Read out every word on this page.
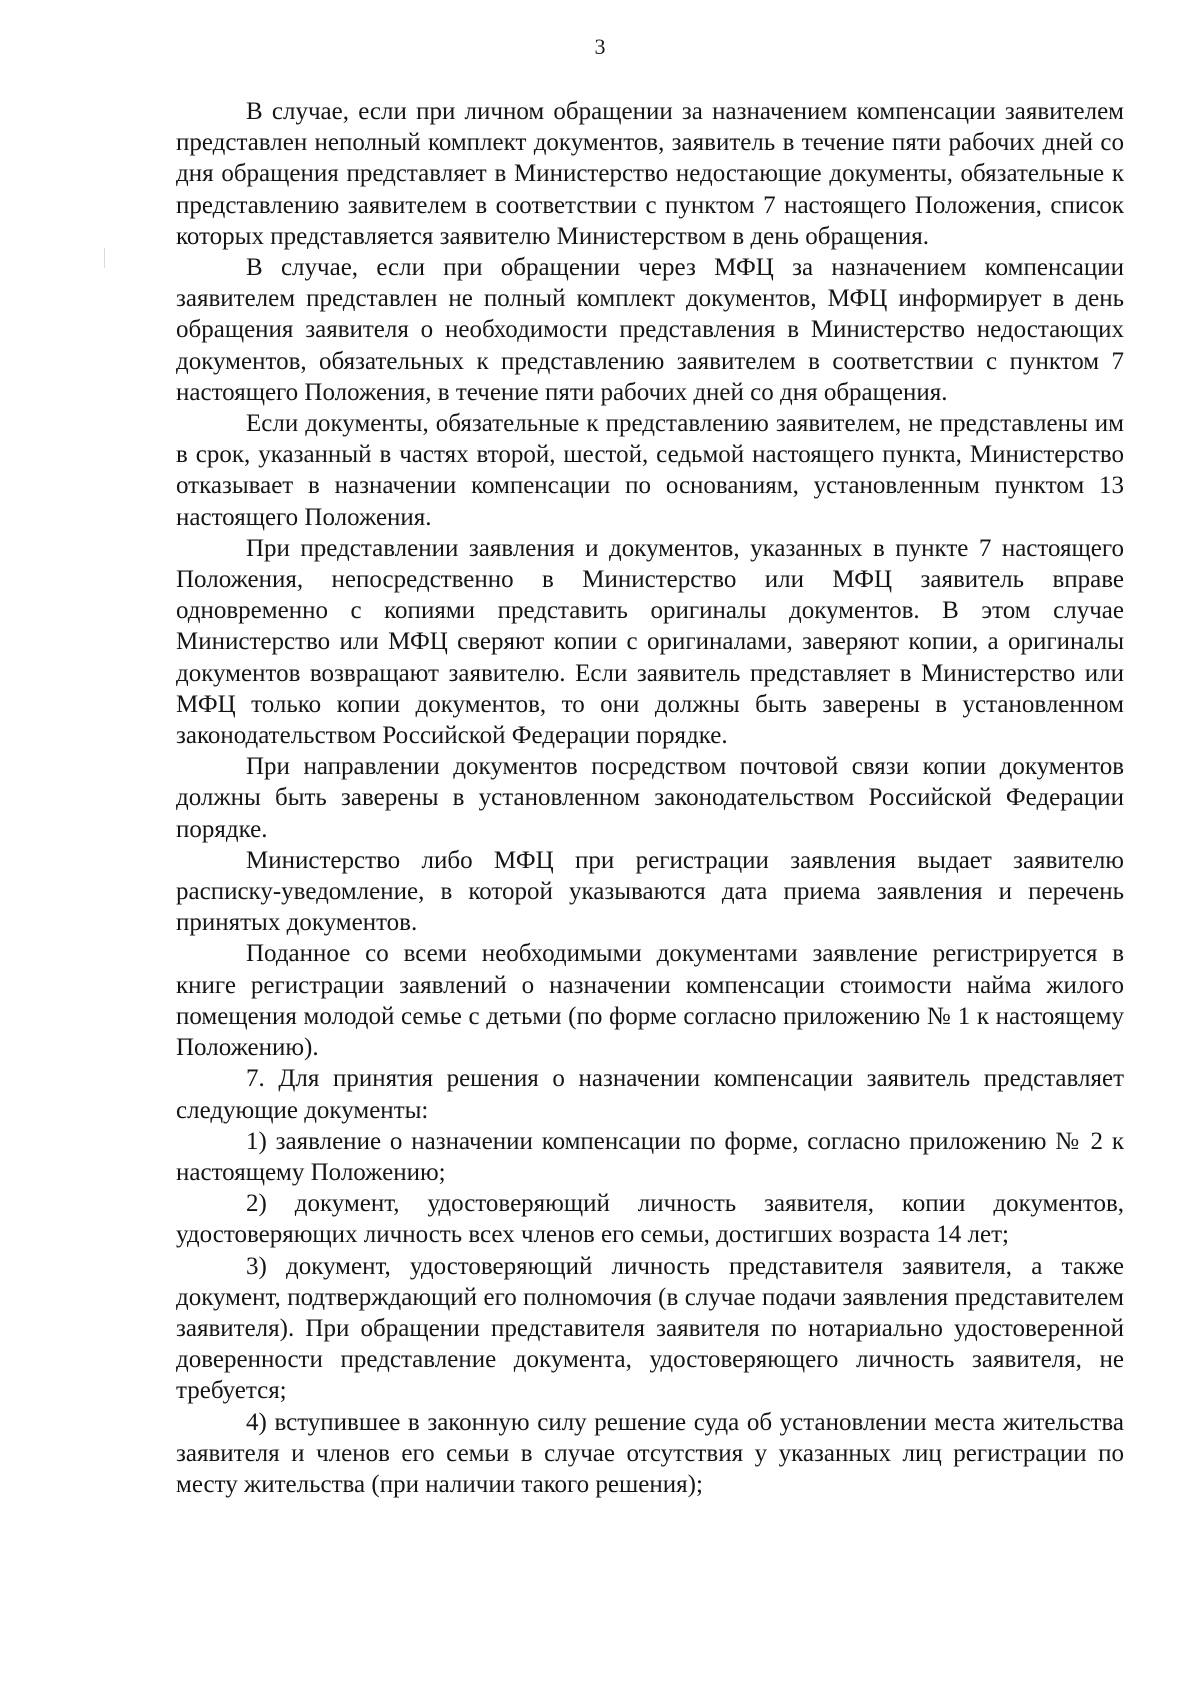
3

В случае, если при личном обращении за назначением компенсации заявителем представлен неполный комплект документов, заявитель в течение пяти рабочих дней со дня обращения представляет в Министерство недостающие документы, обязательные к представлению заявителем в соответствии с пунктом 7 настоящего Положения, список которых представляется заявителю Министерством в день обращения.

В случае, если при обращении через МФЦ за назначением компенсации заявителем представлен не полный комплект документов, МФЦ информирует в день обращения заявителя о необходимости представления в Министерство недостающих документов, обязательных к представлению заявителем в соответствии с пунктом 7 настоящего Положения, в течение пяти рабочих дней со дня обращения.

Если документы, обязательные к представлению заявителем, не представлены им в срок, указанный в частях второй, шестой, седьмой настоящего пункта, Министерство отказывает в назначении компенсации по основаниям, установленным пунктом 13 настоящего Положения.

При представлении заявления и документов, указанных в пункте 7 настоящего Положения, непосредственно в Министерство или МФЦ заявитель вправе одновременно с копиями представить оригиналы документов. В этом случае Министерство или МФЦ сверяют копии с оригиналами, заверяют копии, а оригиналы документов возвращают заявителю. Если заявитель представляет в Министерство или МФЦ только копии документов, то они должны быть заверены в установленном законодательством Российской Федерации порядке.

При направлении документов посредством почтовой связи копии документов должны быть заверены в установленном законодательством Российской Федерации порядке.

Министерство либо МФЦ при регистрации заявления выдает заявителю расписку-уведомление, в которой указываются дата приема заявления и перечень принятых документов.

Поданное со всеми необходимыми документами заявление регистрируется в книге регистрации заявлений о назначении компенсации стоимости найма жилого помещения молодой семье с детьми (по форме согласно приложению № 1 к настоящему Положению).

7. Для принятия решения о назначении компенсации заявитель представляет следующие документы:

1) заявление о назначении компенсации по форме, согласно приложению № 2 к настоящему Положению;

2) документ, удостоверяющий личность заявителя, копии документов, удостоверяющих личность всех членов его семьи, достигших возраста 14 лет;

3) документ, удостоверяющий личность представителя заявителя, а также документ, подтверждающий его полномочия (в случае подачи заявления представителем заявителя). При обращении представителя заявителя по нотариально удостоверенной доверенности представление документа, удостоверяющего личность заявителя, не требуется;

4) вступившее в законную силу решение суда об установлении места жительства заявителя и членов его семьи в случае отсутствия у указанных лиц регистрации по месту жительства (при наличии такого решения);
